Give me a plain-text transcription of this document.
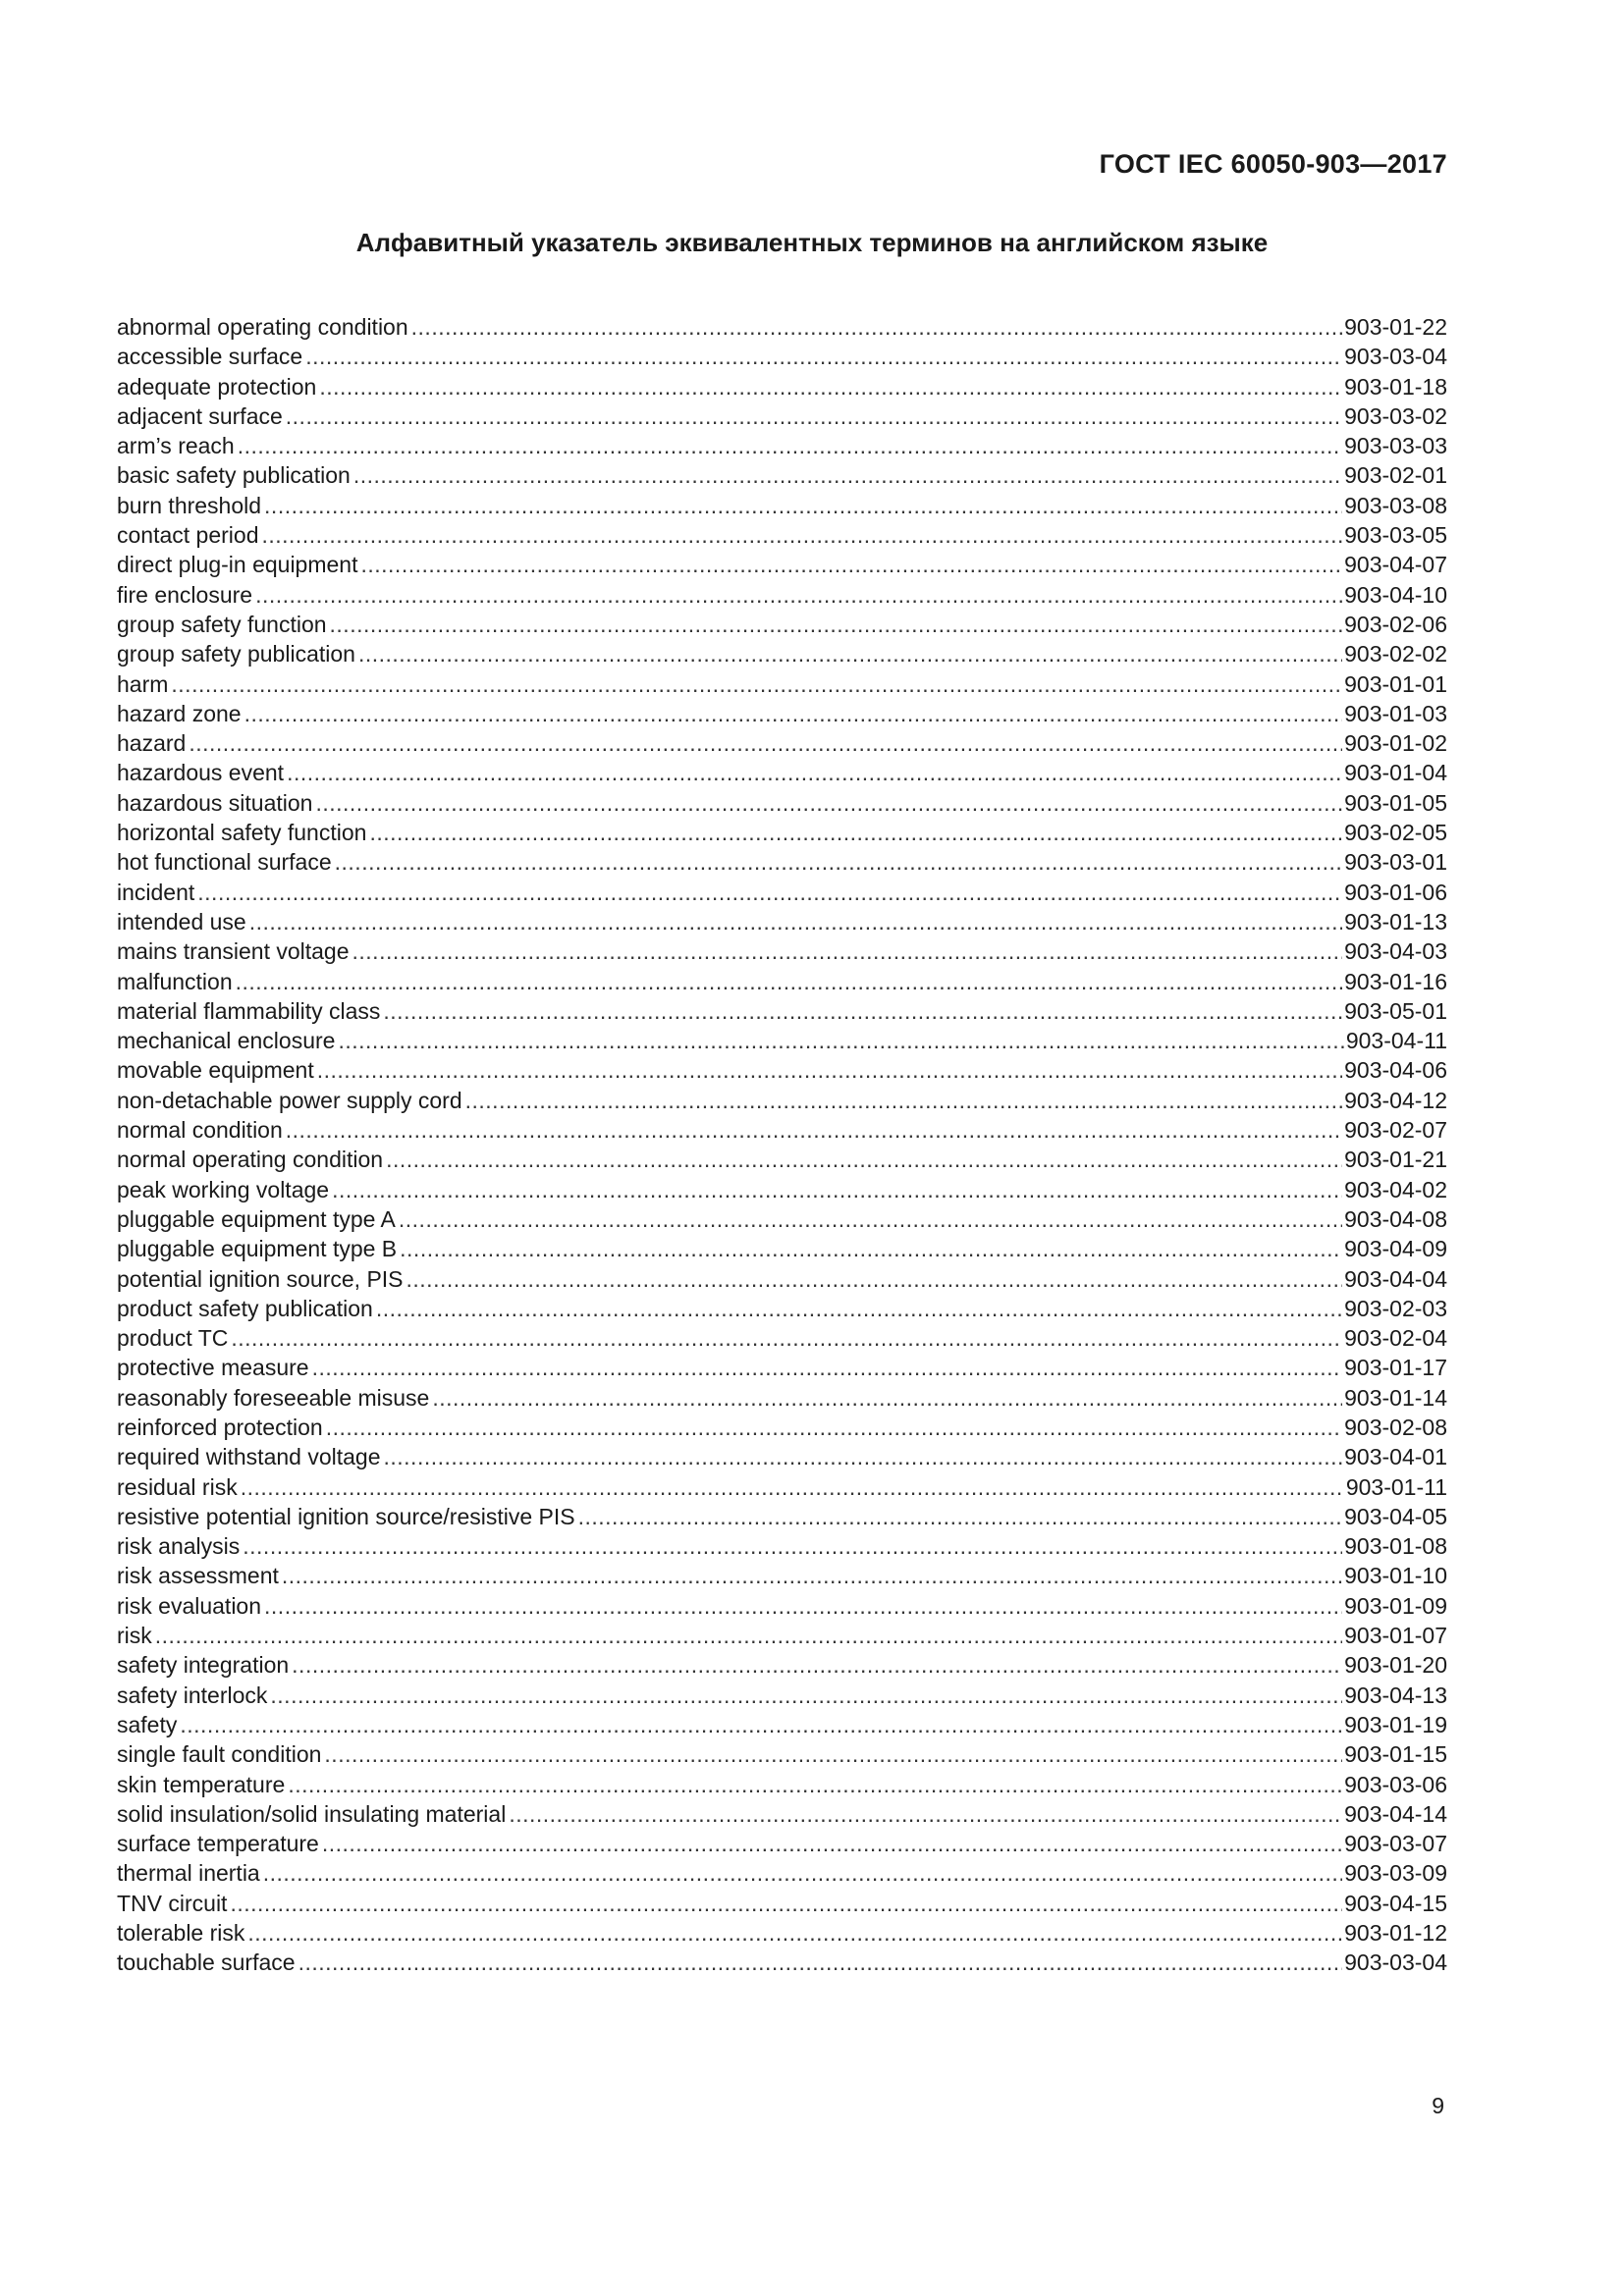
ГОСТ IEC 60050-903—2017
Алфавитный указатель эквивалентных терминов на английском языке
abnormal operating condition .....	903-01-22
accessible surface .....	903-03-04
adequate protection .....	903-01-18
adjacent surface .....	903-03-02
arm’s reach .....	903-03-03
basic safety publication .....	903-02-01
burn threshold .....	903-03-08
contact period .....	903-03-05
direct plug-in equipment .....	903-04-07
fire enclosure .....	903-04-10
group safety function .....	903-02-06
group safety publication .....	903-02-02
harm .....	903-01-01
hazard zone .....	903-01-03
hazard .....	903-01-02
hazardous event .....	903-01-04
hazardous situation .....	903-01-05
horizontal safety function .....	903-02-05
hot functional surface .....	903-03-01
incident .....	903-01-06
intended use .....	903-01-13
mains transient voltage .....	903-04-03
malfunction .....	903-01-16
material flammability class .....	903-05-01
mechanical enclosure .....	903-04-11
movable equipment .....	903-04-06
non-detachable power supply cord .....	903-04-12
normal condition .....	903-02-07
normal operating condition .....	903-01-21
peak working voltage .....	903-04-02
pluggable equipment type A .....	903-04-08
pluggable equipment type B .....	903-04-09
potential ignition source, PIS .....	903-04-04
product safety publication .....	903-02-03
product TC .....	903-02-04
protective measure .....	903-01-17
reasonably foreseeable misuse .....	903-01-14
reinforced protection .....	903-02-08
required withstand voltage .....	903-04-01
residual risk .....	903-01-11
resistive potential ignition source/resistive PIS .....	903-04-05
risk analysis .....	903-01-08
risk assessment .....	903-01-10
risk evaluation .....	903-01-09
risk .....	903-01-07
safety integration .....	903-01-20
safety interlock .....	903-04-13
safety .....	903-01-19
single fault condition .....	903-01-15
skin temperature .....	903-03-06
solid insulation/solid insulating material .....	903-04-14
surface temperature .....	903-03-07
thermal inertia .....	903-03-09
TNV circuit .....	903-04-15
tolerable risk .....	903-01-12
touchable surface .....	903-03-04
9
